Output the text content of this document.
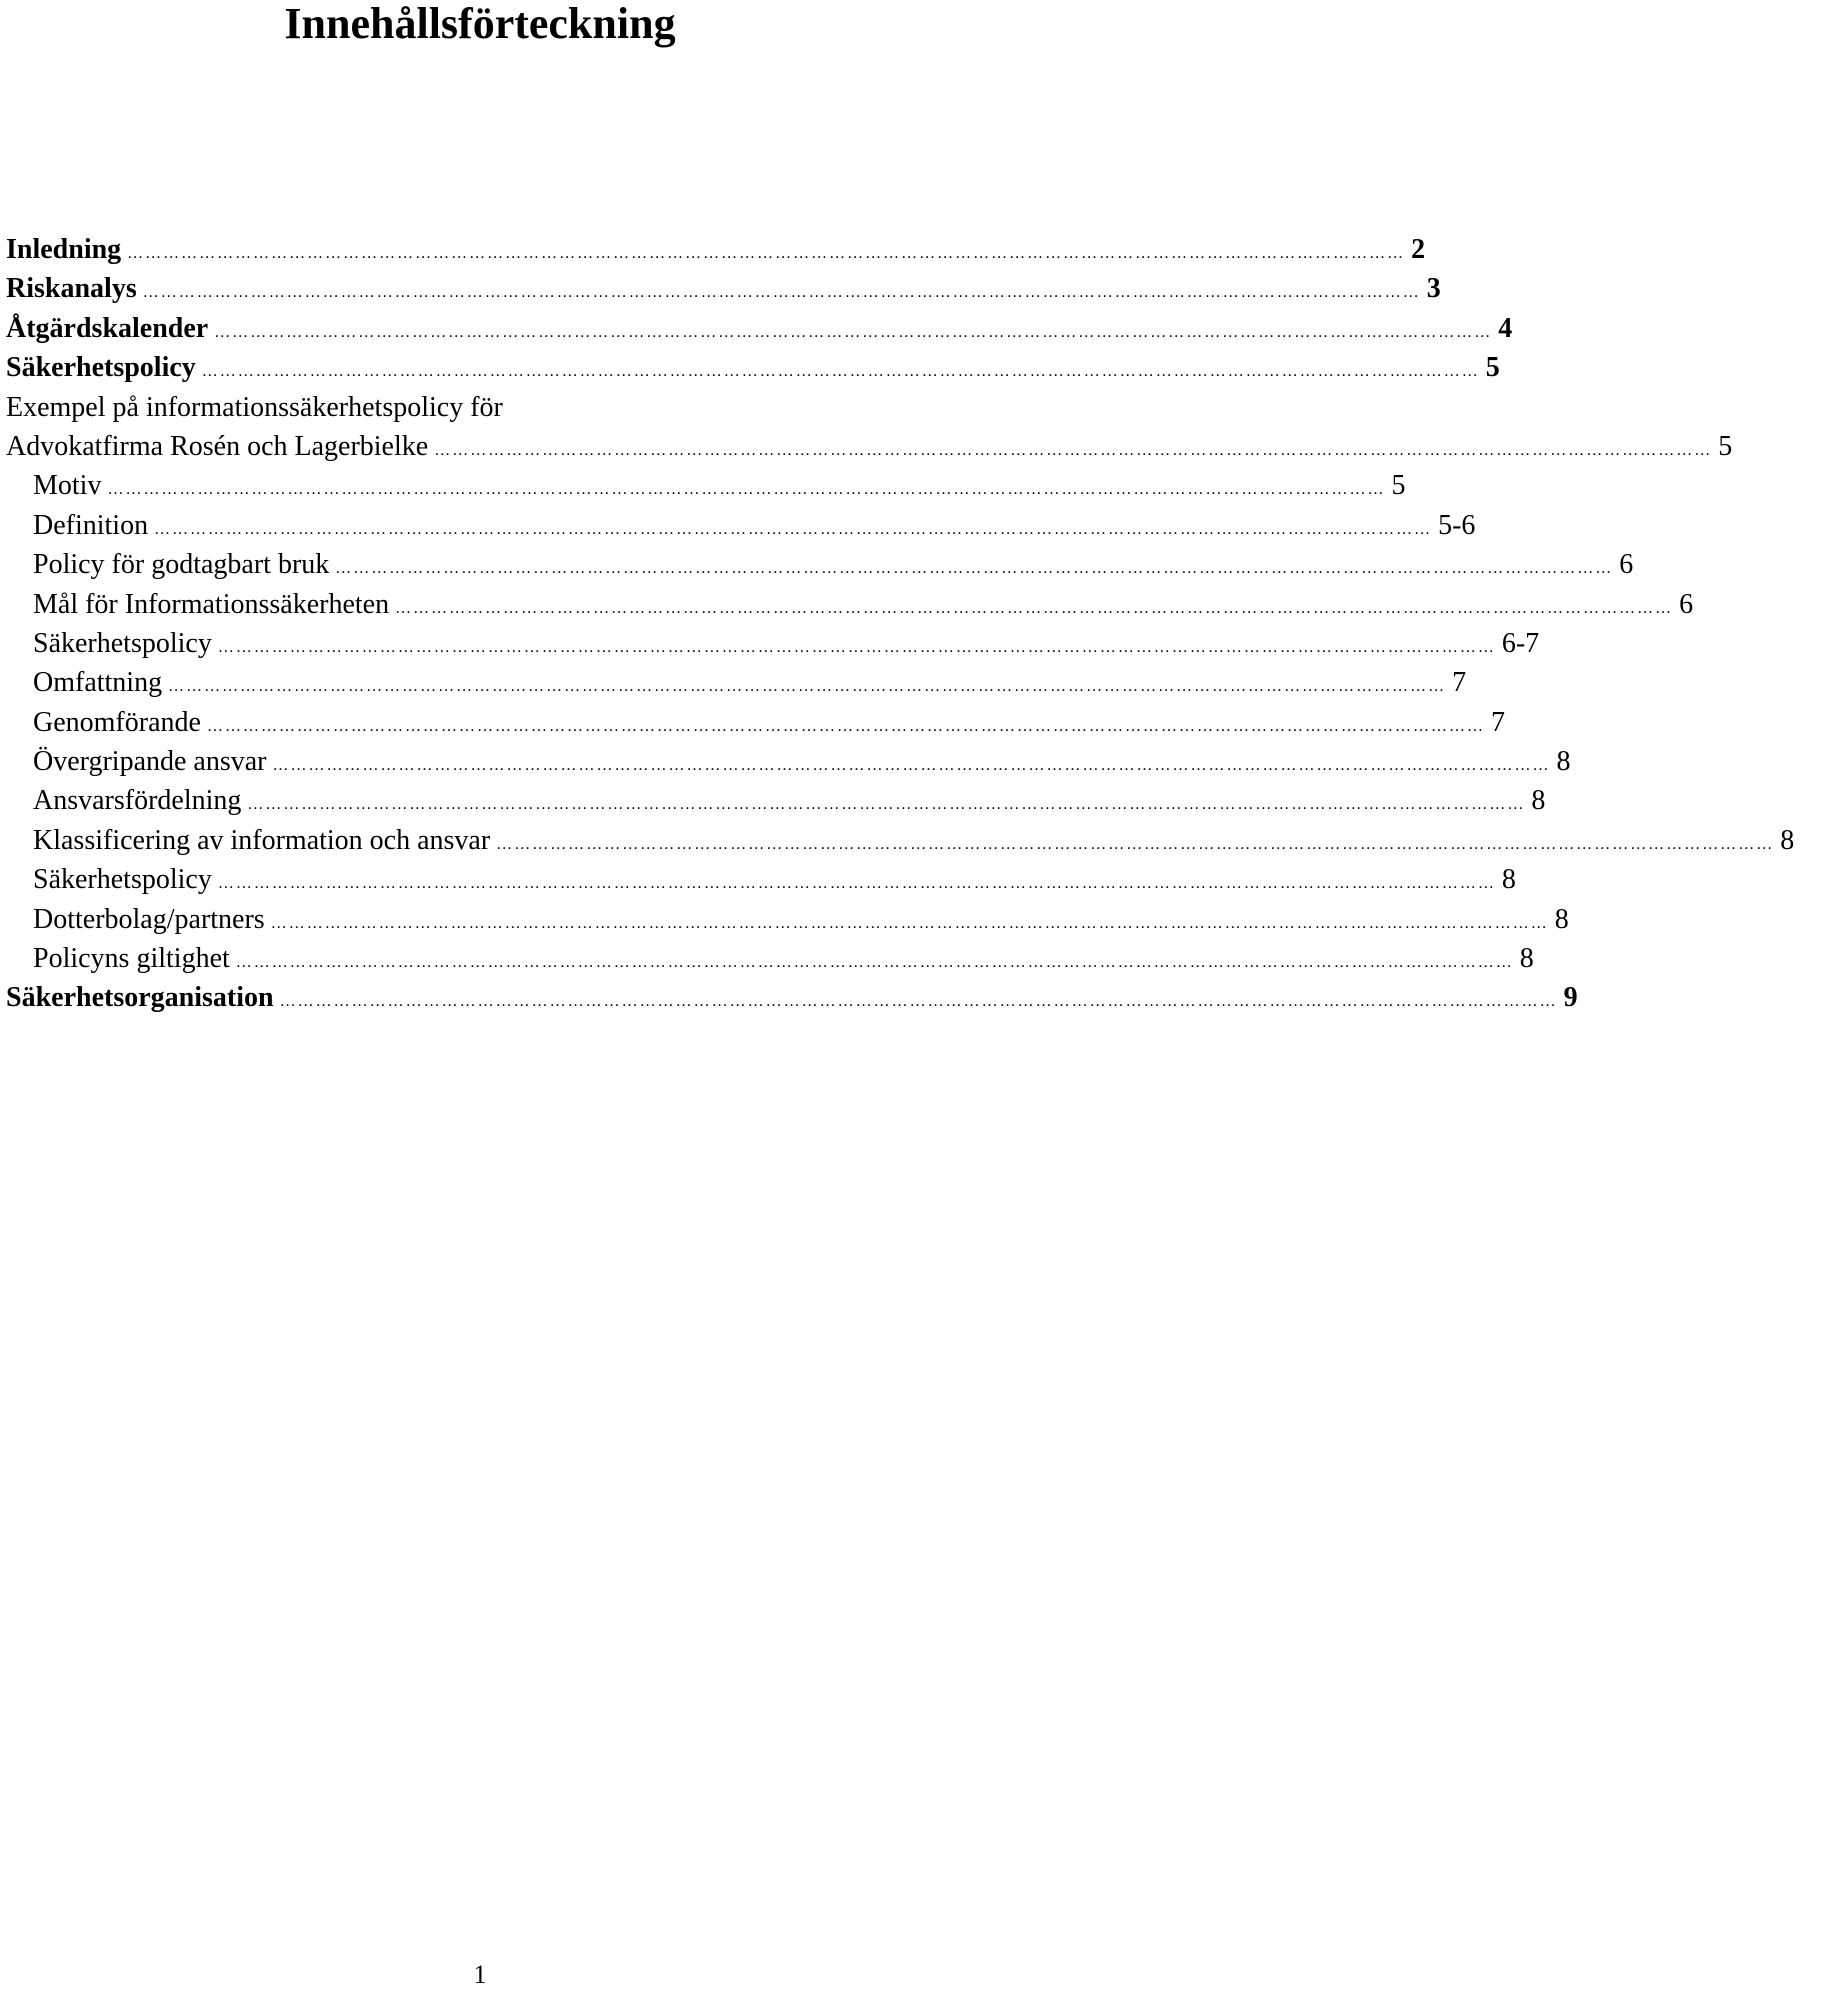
Innehållsförteckning
Inledning …………………………………………………………………………………………………………………………………………………………………………………………… 2
Riskanalys …………………………………………………………………………………………………………………………………………………………………………………………… 3
Åtgärdskalender …………………………………………………………………………………………………………………………………………………………………………………………… 4
Säkerhetspolicy …………………………………………………………………………………………………………………………………………………………………………………………… 5
Exempel på informationssäkerhetspolicy för
Advokatfirma Rosén och Lagerbielke …………………………………………………………………………………………………………………………………………………………………………………………… 5
Motiv …………………………………………………………………………………………………………………………………………………………………………………………… 5
Definition …………………………………………………………………………………………………………………………………………………………………………………………… 5-6
Policy för godtagbart bruk …………………………………………………………………………………………………………………………………………………………………………………………… 6
Mål för Informationssäkerheten …………………………………………………………………………………………………………………………………………………………………………………………… 6
Säkerhetspolicy …………………………………………………………………………………………………………………………………………………………………………………………… 6-7
Omfattning …………………………………………………………………………………………………………………………………………………………………………………………… 7
Genomförande …………………………………………………………………………………………………………………………………………………………………………………………… 7
Övergripande ansvar …………………………………………………………………………………………………………………………………………………………………………………………… 8
Ansvarsfördelning …………………………………………………………………………………………………………………………………………………………………………………………… 8
Klassificering av information och ansvar …………………………………………………………………………………………………………………………………………………………………………………………… 8
Säkerhetspolicy …………………………………………………………………………………………………………………………………………………………………………………………… 8
Dotterbolag/partners …………………………………………………………………………………………………………………………………………………………………………………………… 8
Policyns giltighet …………………………………………………………………………………………………………………………………………………………………………………………… 8
Säkerhetsorganisation …………………………………………………………………………………………………………………………………………………………………………………………… 9
1
